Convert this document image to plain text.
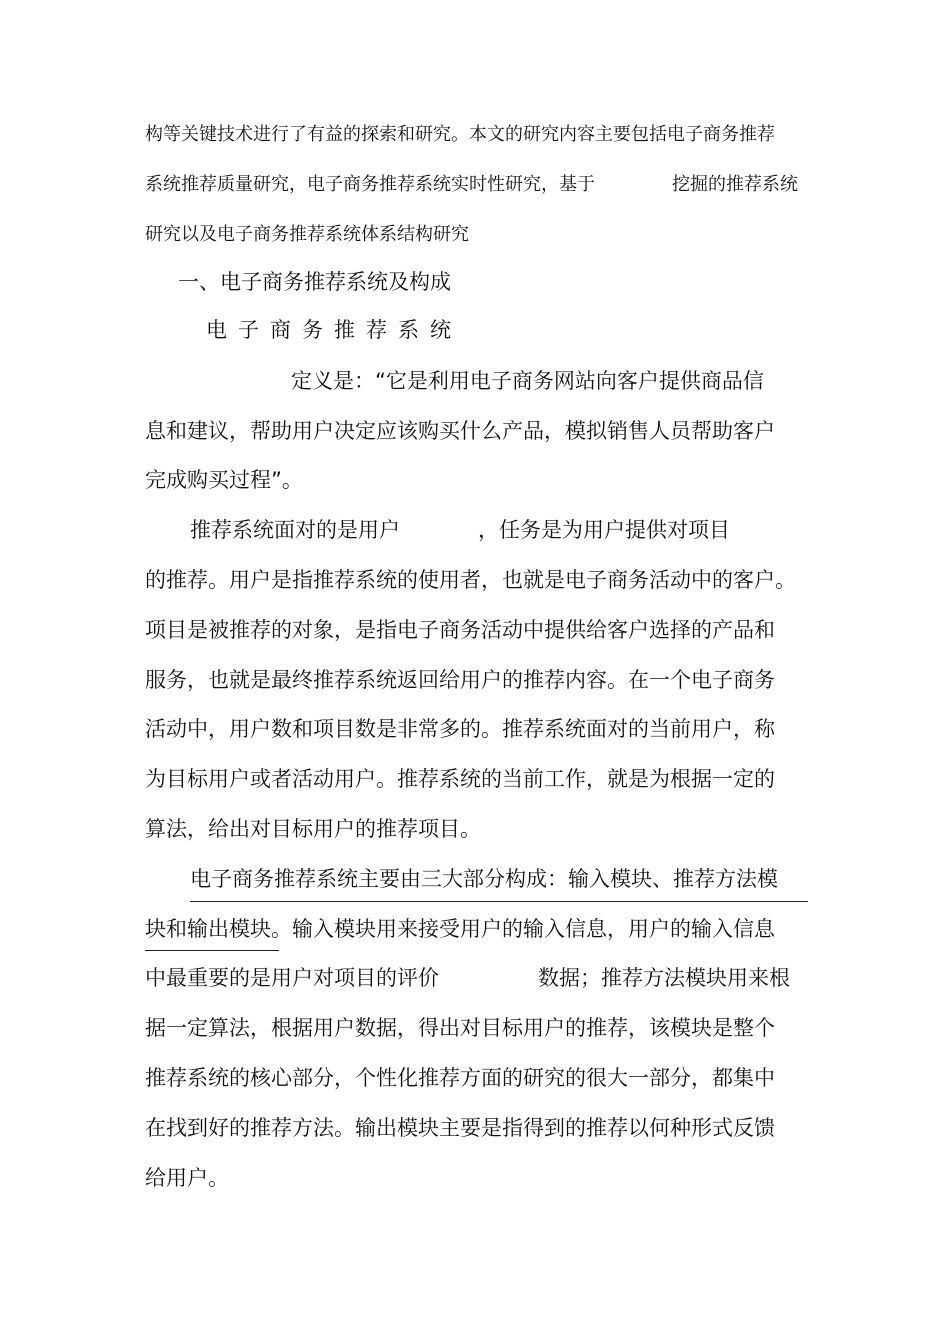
构等关键技术进行了有益的探索和研究。本文的研究内容主要包括电子商务推荐
系统推荐质量研究，电子商务推荐系统实时性研究，基于	挖掘的推荐系统
研究以及电子商务推荐系统体系结构研究
一、电子商务推荐系统及构成
电子商务推荐系统
定义是：“它是利用电子商务网站向客户提供商品信
息和建议，帮助用户决定应该购买什么产品，模拟销售人员帮助客户
完成购买过程”。
推荐系统面对的是用户	，任务是为用户提供对项目
的推荐。用户是指推荐系统的使用者，也就是电子商务活动中的客户。
项目是被推荐的对象，是指电子商务活动中提供给客户选择的产品和
服务，也就是最终推荐系统返回给用户的推荐内容。在一个电子商务
活动中，用户数和项目数是非常多的。推荐系统面对的当前用户，称
为目标用户或者活动用户。推荐系统的当前工作，就是为根据一定的
算法，给出对目标用户的推荐项目。
电子商务推荐系统主要由三大部分构成：输入模块、推荐方法模
块和输出模块。输入模块用来接受用户的输入信息，用户的输入信息
中最重要的是用户对项目的评价	数据；推荐方法模块用来根
据一定算法，根据用户数据，得出对目标用户的推荐，该模块是整个
推荐系统的核心部分，个性化推荐方面的研究的很大一部分，都集中
在找到好的推荐方法。输出模块主要是指得到的推荐以何种形式反馈
给用户。
